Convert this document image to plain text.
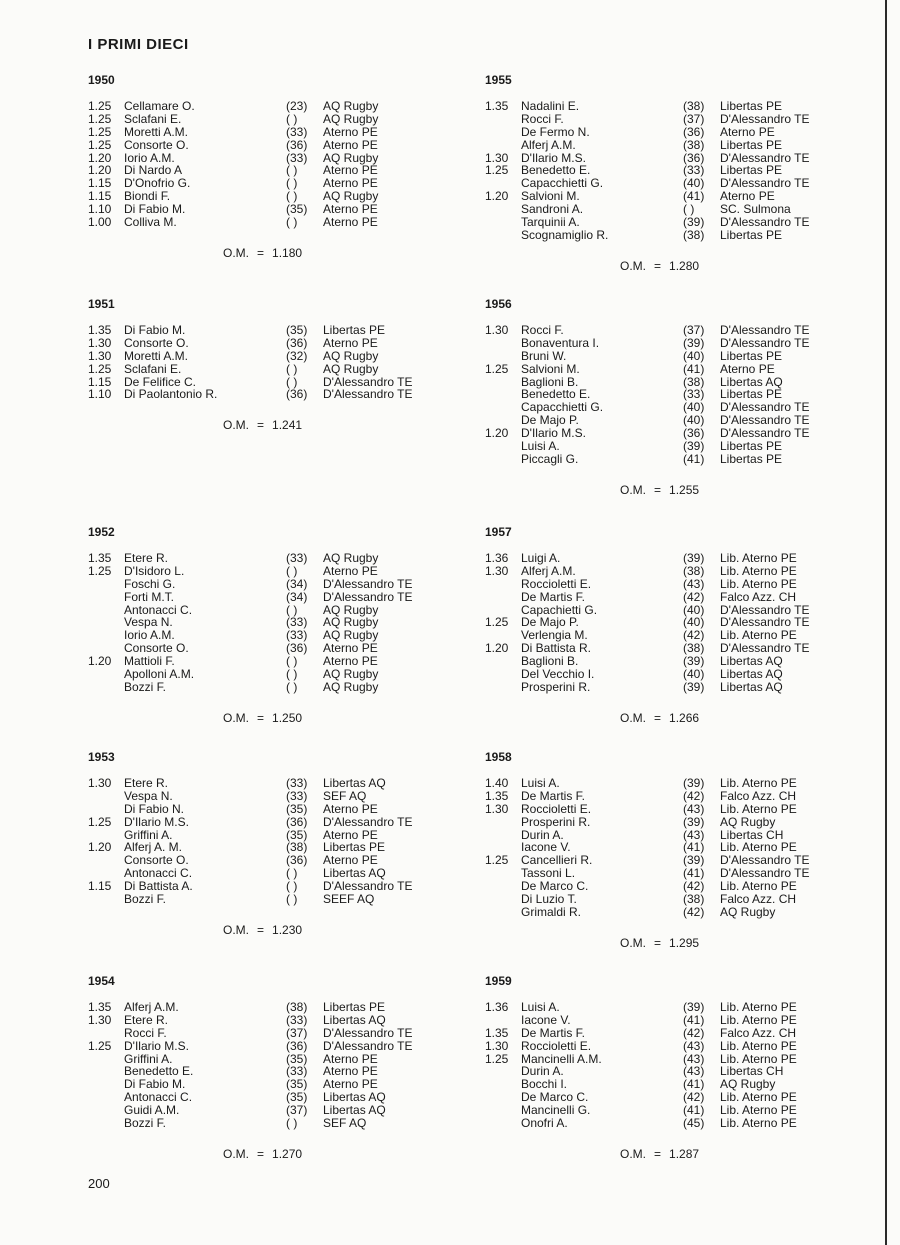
I PRIMI DIECI
1950
1.25 Cellamare O.	(23) AQ Rugby
1.25 Sclafani E.	( ) AQ Rugby
1.25 Moretti A.M.	(33) Aterno PE
1.25 Consorte O.	(36) Aterno PE
1.20 Iorio A.M.	(33) AQ Rugby
1.20 Di Nardo A	( ) Aterno PE
1.15 D'Onofrio G.	( ) Aterno PE
1.15 Biondi F.	( ) AQ Rugby
1.10 Di Fabio M.	(35) Aterno PE
1.00 Colliva M.	( ) Aterno PE
O.M. = 1.180
1955
1.35 Nadalini E.	(38) Libertas PE
Rocci F.	(37) D'Alessandro TE
De Fermo N.	(36) Aterno PE
Alferj A.M.	(38) Libertas PE
1.30 D'Ilario M.S.	(36) D'Alessandro TE
1.25 Benedetto E.	(33) Libertas PE
Capacchietti G.	(40) D'Alessandro TE
1.20 Salvioni M.	(41) Aterno PE
Sandroni A.	( ) SC. Sulmona
Tarquinii A.	(39) D'Alessandro TE
Scognamiglio R.	(38) Libertas PE
O.M. = 1.280
1951
1.35 Di Fabio M.	(35) Libertas PE
1.30 Consorte O.	(36) Aterno PE
1.30 Moretti A.M.	(32) AQ Rugby
1.25 Sclafani E.	( ) AQ Rugby
1.15 De Felifice C.	( ) D'Alessandro TE
1.10 Di Paolantonio R.	(36) D'Alessandro TE
O.M. = 1.241
1956
1.30 Rocci F.	(37) D'Alessandro TE
Bonaventura I.	(39) D'Alessandro TE
Bruni W.	(40) Libertas PE
1.25 Salvioni M.	(41) Aterno PE
Baglioni B.	(38) Libertas AQ
Benedetto E.	(33) Libertas PE
Capacchietti G.	(40) D'Alessandro TE
De Majo P.	(40) D'Alessandro TE
1.20 D'Ilario M.S.	(36) D'Alessandro TE
Luisi A.	(39) Libertas PE
Piccagli G.	(41) Libertas PE
O.M. = 1.255
1952
1.35 Etere R.	(33) AQ Rugby
1.25 D'Isidoro L.	( ) Aterno PE
Foschi G.	(34) D'Alessandro TE
Forti M.T.	(34) D'Alessandro TE
Antonacci C.	( ) AQ Rugby
Vespa N.	(33) AQ Rugby
Iorio A.M.	(33) AQ Rugby
Consorte O.	(36) Aterno PE
1.20 Mattioli F.	( ) Aterno PE
Apolloni A.M.	( ) AQ Rugby
Bozzi F.	( ) AQ Rugby
O.M. = 1.250
1957
1.36 Luigi A.	(39) Lib. Aterno PE
1.30 Alferj A.M.	(38) Lib. Aterno PE
Roccioletti E.	(43) Lib. Aterno PE
De Martis F.	(42) Falco Azz. CH
Capachietti G.	(40) D'Alessandro TE
1.25 De Majo P.	(40) D'Alessandro TE
Verlengia M.	(42) Lib. Aterno PE
1.20 Di Battista R.	(38) D'Alessandro TE
Baglioni B.	(39) Libertas AQ
Del Vecchio I.	(40) Libertas AQ
Prosperini R.	(39) Libertas AQ
O.M. = 1.266
1953
1.30 Etere R.	(33) Libertas AQ
Vespa N.	(33) SEF AQ
Di Fabio N.	(35) Aterno PE
1.25 D'Ilario M.S.	(36) D'Alessandro TE
Griffini A.	(35) Aterno PE
1.20 Alferj A. M.	(38) Libertas PE
Consorte O.	(36) Aterno PE
Antonacci C.	( ) Libertas AQ
1.15 Di Battista A.	( ) D'Alessandro TE
Bozzi F.	( ) SEEF AQ
O.M. = 1.230
1958
1.40 Luisi A.	(39) Lib. Aterno PE
1.35 De Martis F.	(42) Falco Azz. CH
1.30 Roccioletti E.	(43) Lib. Aterno PE
Prosperini R.	(39) AQ Rugby
Durin A.	(43) Libertas CH
Iacone V.	(41) Lib. Aterno PE
1.25 Cancellieri R.	(39) D'Alessandro TE
Tassoni L.	(41) D'Alessandro TE
De Marco C.	(42) Lib. Aterno PE
Di Luzio T.	(38) Falco Azz. CH
Grimaldi R.	(42) AQ Rugby
O.M. = 1.295
1954
1.35 Alferj A.M.	(38) Libertas PE
1.30 Etere R.	(33) Libertas AQ
Rocci F.	(37) D'Alessandro TE
1.25 D'Ilario M.S.	(36) D'Alessandro TE
Griffini A.	(35) Aterno PE
Benedetto E.	(33) Aterno PE
Di Fabio M.	(35) Aterno PE
Antonacci C.	(35) Libertas AQ
Guidi A.M.	(37) Libertas AQ
Bozzi F.	( ) SEF AQ
O.M. = 1.270
1959
1.36 Luisi A.	(39) Lib. Aterno PE
Iacone V.	(41) Lib. Aterno PE
1.35 De Martis F.	(42) Falco Azz. CH
1.30 Roccioletti E.	(43) Lib. Aterno PE
1.25 Mancinelli A.M.	(43) Lib. Aterno PE
Durin A.	(43) Libertas CH
Bocchi I.	(41) AQ Rugby
De Marco C.	(42) Lib. Aterno PE
Mancinelli G.	(41) Lib. Aterno PE
Onofri A.	(45) Lib. Aterno PE
O.M. = 1.287
200
